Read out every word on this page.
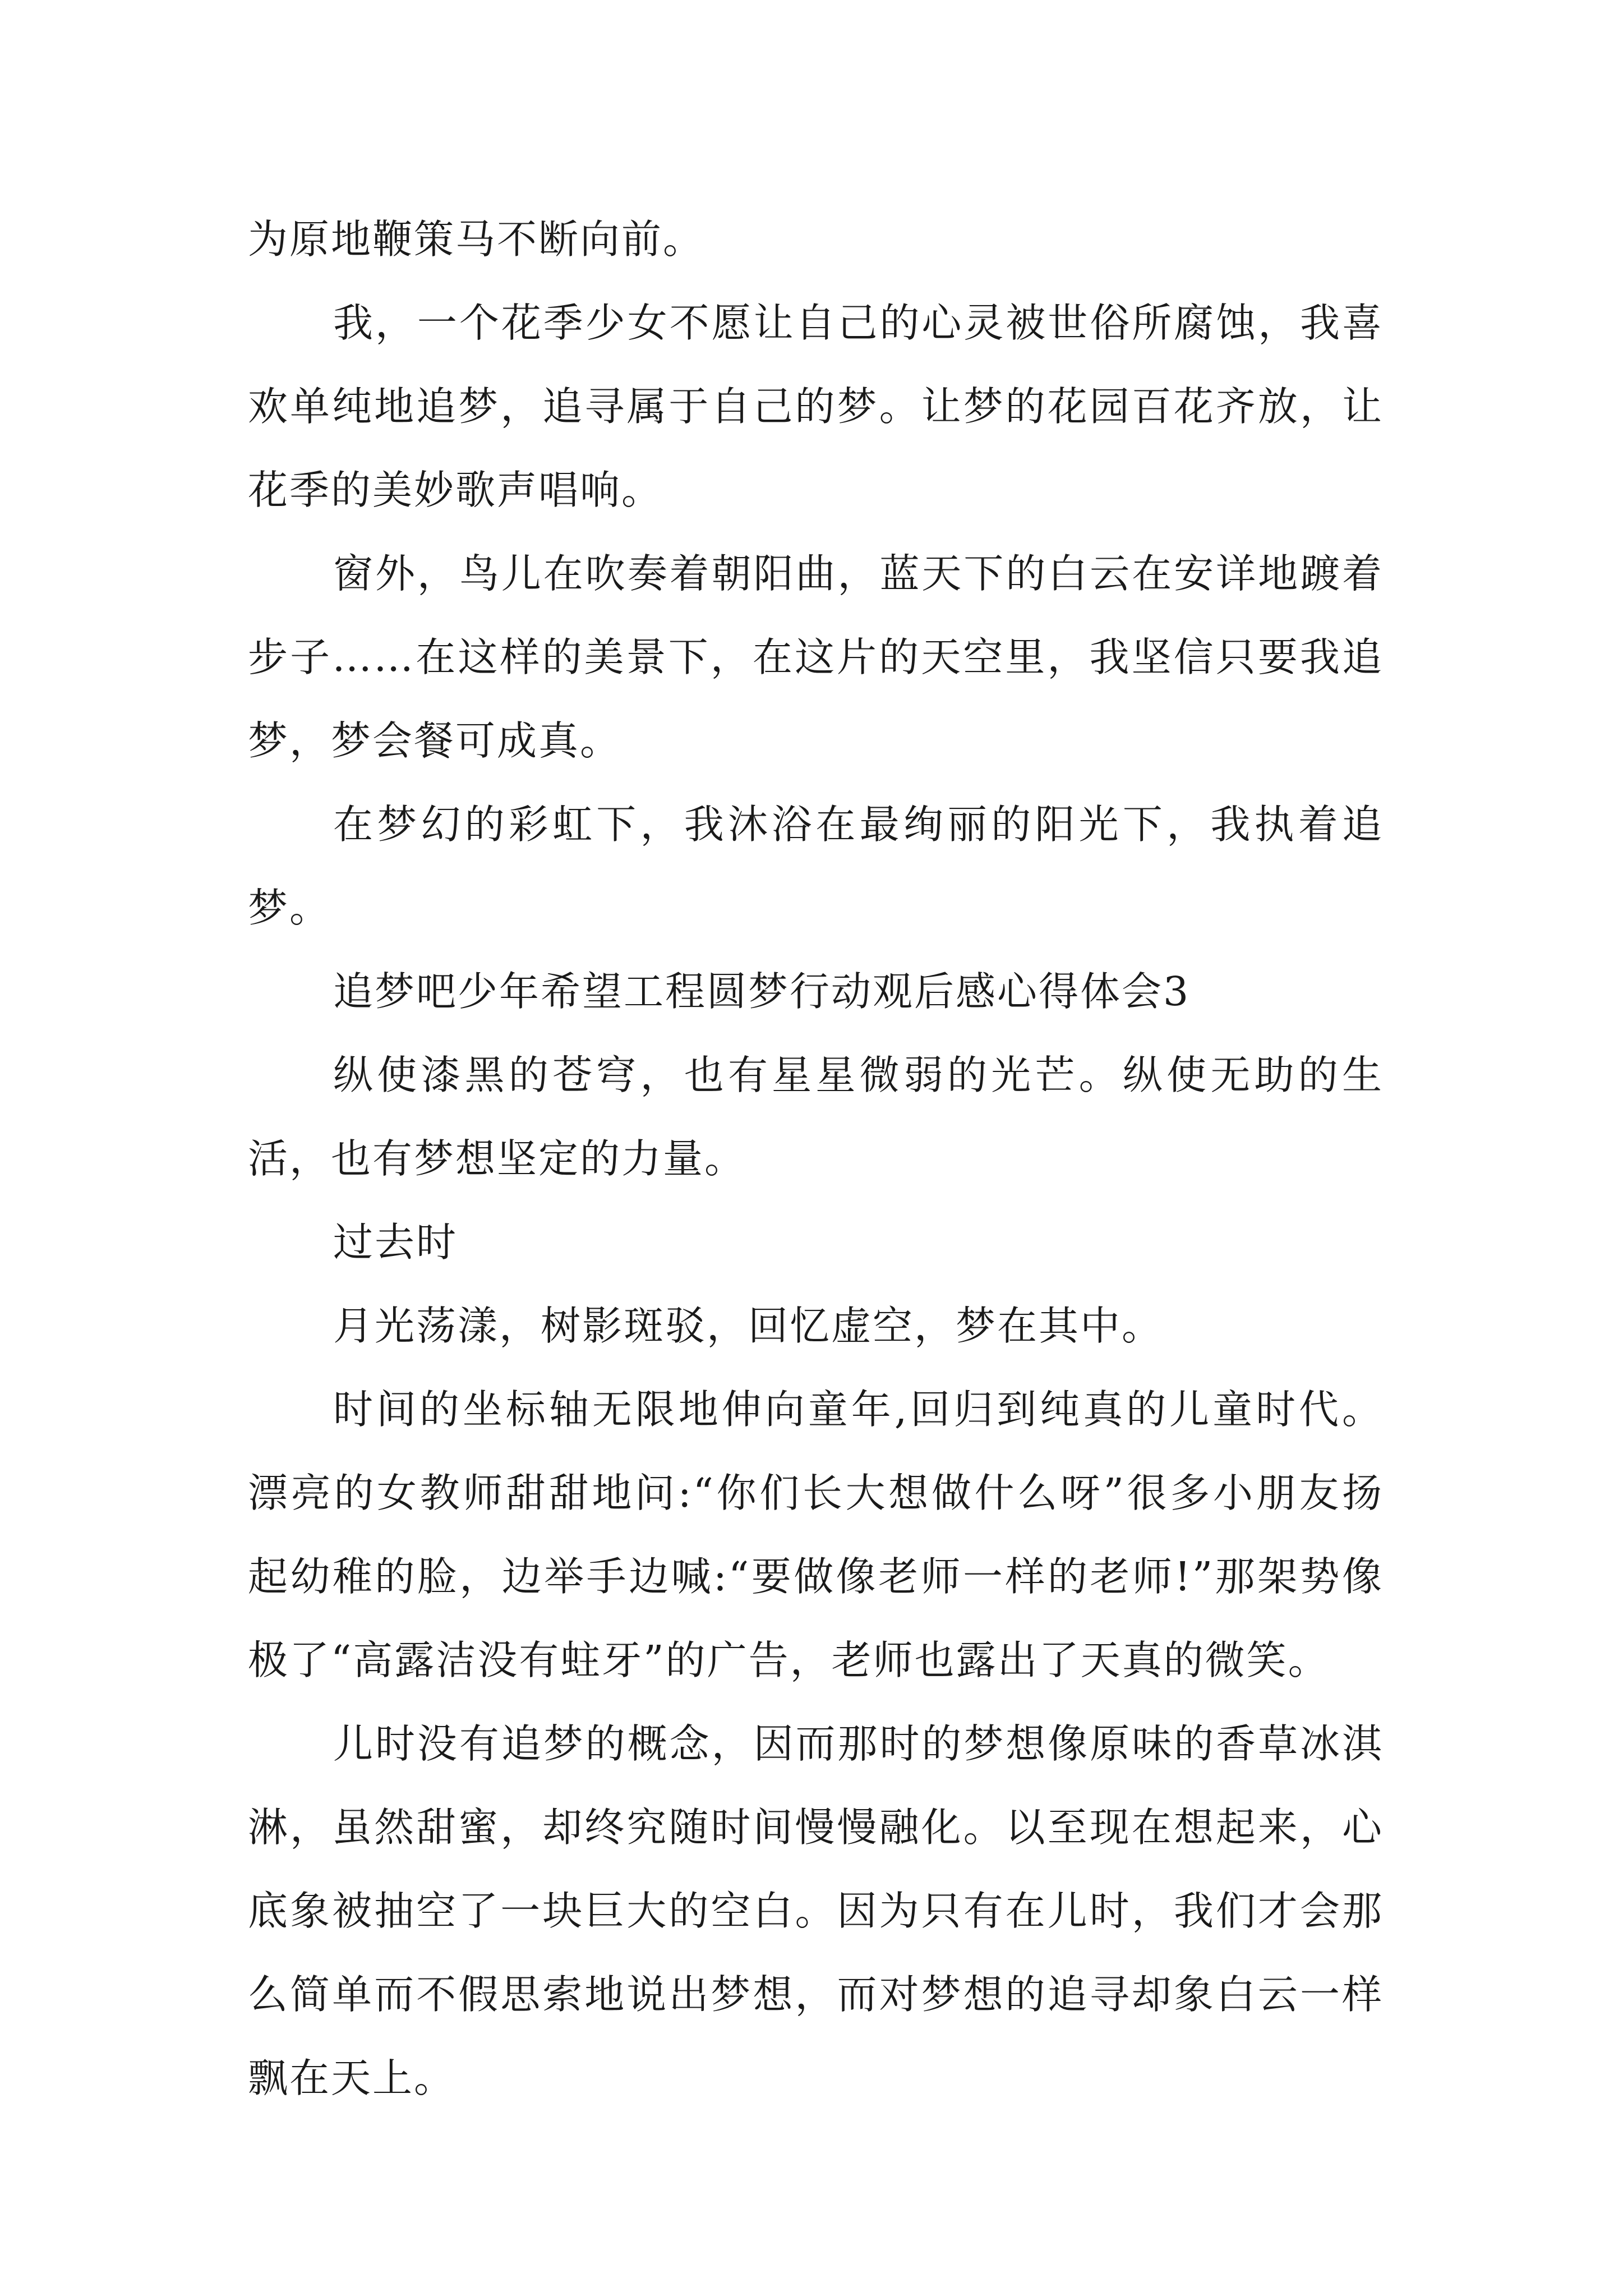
为原地鞭策马不断向前。

我，一个花季少女不愿让自己的心灵被世俗所腐蚀，我喜欢单纯地追梦，追寻属于自己的梦。让梦的花园百花齐放，让花季的美妙歌声唱响。

窗外，鸟儿在吹奏着朝阳曲，蓝天下的白云在安详地踱着步子……在这样的美景下，在这片的天空里，我坚信只要我追梦，梦会餐可成真。

在梦幻的彩虹下，我沐浴在最绚丽的阳光下，我执着追梦。

追梦吧少年希望工程圆梦行动观后感心得体会3

纵使漆黑的苍穹，也有星星微弱的光芒。纵使无助的生活，也有梦想坚定的力量。

过去时

月光荡漾，树影斑驳，回忆虚空，梦在其中。

时间的坐标轴无限地伸向童年,回归到纯真的儿童时代。漂亮的女教师甜甜地问:“你们长大想做什么呀”很多小朋友扬起幼稚的脸，边举手边喊:“要做像老师一样的老师!”那架势像极了“高露洁没有蛀牙”的广告，老师也露出了天真的微笑。

儿时没有追梦的概念，因而那时的梦想像原味的香草冰淇淋，虽然甜蜜，却终究随时间慢慢融化。以至现在想起来，心底象被抽空了一块巨大的空白。因为只有在儿时，我们才会那么简单而不假思索地说出梦想，而对梦想的追寻却象白云一样飘在天上。
